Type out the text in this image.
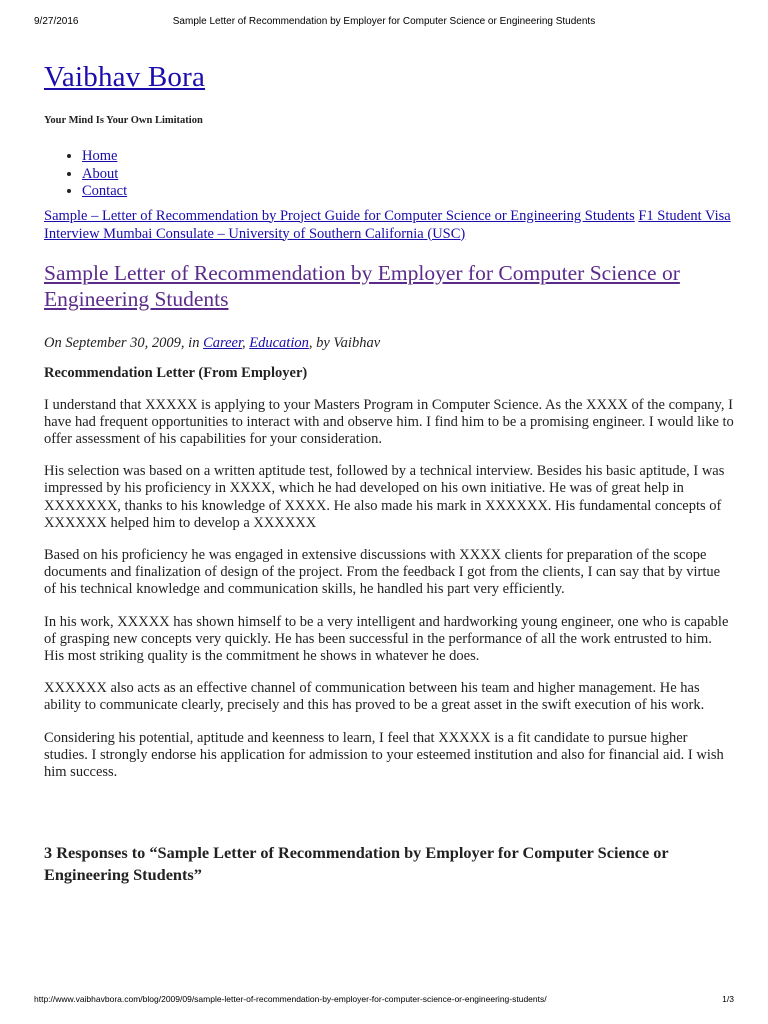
9/27/2016	Sample Letter of Recommendation by Employer for Computer Science or Engineering Students
Vaibhav Bora

Your Mind Is Your Own Limitation

• Home
• About
• Contact
Sample – Letter of Recommendation by Project Guide for Computer Science or Engineering Students F1 Student Visa Interview Mumbai Consulate – University of Southern California (USC)
Sample Letter of Recommendation by Employer for Computer Science or Engineering Students

On September 30, 2009, in Career, Education, by Vaibhav

Recommendation Letter (From Employer)

I understand that XXXXX is applying to your Masters Program in Computer Science. As the XXXX of the company, I have had frequent opportunities to interact with and observe him. I find him to be a promising engineer. I would like to offer assessment of his capabilities for your consideration.

His selection was based on a written aptitude test, followed by a technical interview. Besides his basic aptitude, I was impressed by his proficiency in XXXX, which he had developed on his own initiative. He was of great help in XXXXXXX, thanks to his knowledge of XXXX. He also made his mark in XXXXXX. His fundamental concepts of XXXXXX helped him to develop a XXXXXX

Based on his proficiency he was engaged in extensive discussions with XXXX clients for preparation of the scope documents and finalization of design of the project. From the feedback I got from the clients, I can say that by virtue of his technical knowledge and communication skills, he handled his part very efficiently.

In his work, XXXXX has shown himself to be a very intelligent and hardworking young engineer, one who is capable of grasping new concepts very quickly. He has been successful in the performance of all the work entrusted to him. His most striking quality is the commitment he shows in whatever he does.

XXXXXX also acts as an effective channel of communication between his team and higher management. He has ability to communicate clearly, precisely and this has proved to be a great asset in the swift execution of his work.

Considering his potential, aptitude and keenness to learn, I feel that XXXXX is a fit candidate to pursue higher studies. I strongly endorse his application for admission to your esteemed institution and also for financial aid. I wish him success.

3 Responses to “Sample Letter of Recommendation by Employer for Computer Science or Engineering Students”
http://www.vaibhavbora.com/blog/2009/09/sample-letter-of-recommendation-by-employer-for-computer-science-or-engineering-students/	1/3
